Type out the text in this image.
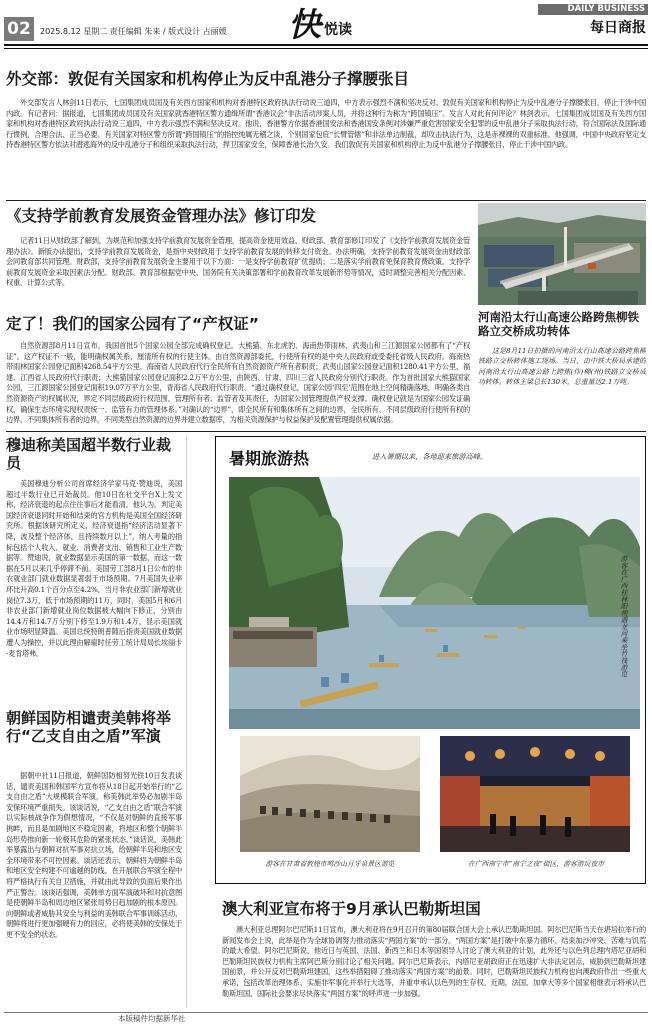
02	2025.8.12 星期二 责任编辑 朱来 / 版式设计 占丽媛 快 悦读
DAILY BUSINESS
每日商报
外交部：敦促有关国家和机构停止为反中乱港分子撑腰张目

外交部发言人林剑11日表示，七国集团成员国及有关西方国家和机构对香港特区政府执法行动说三道四，中方表示强烈不满和坚决反对。敦促有关国家和机构停止为反中乱港分子撑腰张目，停止干涉中国内政。有记者问：据报道，七国集团成员国及有关国家就香港特区警方通缉所谓“香港议会”非法活动涉案人员，并将这种行为称为“跨国镇压”。发言人对此有何评论？林剑表示，七国集团成员国及有关西方国家和机构对香港特区政府执法行动说三道四，中方表示强烈不满和坚决反对。他说，香港警方依据香港国安法和香港国安条例对涉嫌严重危害国家安全犯罪的反中乱港分子采取执法行动，符合国际法及国际通行惯例，合理合法、正当必要。有关国家对特区警方所谓“跨国镇压”的指控纯属无稽之谈，个别国家包庇“长臂管辖”和非法单边制裁，却攻击执法行为，这是赤裸裸的双重标准。他强调，中国中央政府坚定支持香港特区警方依法对潜逃海外的反中乱港分子和组织采取执法行动，捍卫国家安全，保障香港长治久安。我们敦促有关国家和机构停止为反中乱港分子撑腰张目，停止干涉中国内政。

《支持学前教育发展资金管理办法》修订印发

记者11日从财政部了解到，为规范和加强支持学前教育发展资金管理，提高资金使用效益，财政部、教育部修订印发了《支持学前教育发展资金管理办法》。新版办法提出，支持学前教育发展资金，是指中央财政用于支持学前教育发展的转移支付资金。办法明确，支持学前教育发展资金由财政部会同教育部共同管理。财政部，支持学前教育发展资金主要用于以下方面：一是支持学前教育扩优提质；二是落实学前教育免保育教育费政策。支持学前教育发展资金采取因素法分配。财政部、教育部根据党中央、国务院有关决策部署和学前教育改革发展新形势等情况，适时调整完善相关分配因素、权重、计算公式等。

定了！我们的国家公园有了“产权证”

自然资源部8月11日宣布，我国首批5个国家公园全部完成确权登记。大熊猫、东北虎豹、海南热带雨林、武夷山和三江源国家公园都有了“产权证”。这产权证不一般，能明确权属关系，厘清所有权的行使主体。由自然资源部委托，行使所有权的是中央人民政府或受委托省级人民政府。海南热带雨林国家公园登记面积4268.54平方公里，海南省人民政府代行全民所有自然资源资产所有者职责；武夷山国家公园登记面积1280.41平方公里，福建、江西省人民政府代行职责；大熊猫国家公园登记面积2.2万平方公里，由陕西、甘肃、四川三省人民政府分别代行职责。作为首批国家大熊猫国家公园，三江源国家公园登记面积19.07万平方公里，青海省人民政府代行职责。“通过确权登记，国家公园‘四至’范围在地上空间精确落地，明确各类自然资源资产的权属状况，界定不同层级政府行权范围，管理所有者、监管者及其责任，为国家公园管理提供产权支撑。确权登记就是为国家公园发证确权，确保生态环境实现权责统一、监管有力的管理体系。”对确认的“边界”，即全民所有和集体所有之间的边界，全民所有、不同层级政府行使所有权的边界，不同集体所有者的边界，不同类型自然资源的边界并建立数据库，为相关资源保护与权益保护及配置管理提供权属依据。

河南沿太行山高速公路跨焦柳铁路立交桥成功转体

这是8月11日拍摄的河南沿太行山高速公路跨焦柳铁路立交桥转体施工现场。当日，由中铁大桥局承建的河南沿太行山高速公路上跨焦(作)柳(州)铁路立交桥成功转体。转体主梁总长130米，总重量达2.1万吨。

穆迪称美国超半数行业裁员

美国穆迪分析公司首席经济学家马克·赞迪说，美国超过半数行业已开始裁员。他10日在社交平台X上发文称，经济衰退的起点往往事后才能看清。他认为，判定美国经济衰退同时开始和结束的官方机构是美国全国经济研究所。根据该研究所定义，经济衰退指“经济活动显著下降，波及整个经济体，且持续数月以上”，纳入考量的指标包括个人收入、就业、消费者支出、销售和工业生产数据等。赞迪说，就业数据显示美国的第一数据，而这一数据在5月以来几乎停滞不前。美国劳工部8月1日公布的非农就业部门就业数据显著弱于市场预期。7月美国失业率环比升高0.1个百分点至4.2%，当月非农业部门新增就业岗位7.3万，低于市场预期的11万，同时，美国5月和6月非农业部门新增就业岗位数据被大幅向下修正，分别由14.4万和14.7万分别下修至1.9万和1.4万，显示美国就业市场明显降温。美国总统特朗普随后指责美国就业数据遭人为操控，并以此理由解雇时任劳工统计局局长埃丽卡·麦肯塔弗。

朝鲜国防相谴责美韩将举行“乙支自由之盾”军演

据朝中社11日报道，朝鲜国防相努光铁10日发表谈话，谴责美国和韩国军方宣布将从18日起开始举行的“乙支自由之盾”大规模联合军演，称美韩此举势必加剧半岛安保环境严重损失。该谈话说，“乙支自由之盾”联合军演以实际核战争作为假想情况，“不仅是对朝鲜的直接军事挑衅，而且是加剧地区不稳定因素，将地区和整个朝鲜半岛形势推向新一轮极其危险的紧张状态。”谈话说，美韩此举暴露出与朝鲜对抗军事对抗立场，给朝鲜半岛和地区安全环境带来不可控因素。谈话还表示，朝鲜将为朝鲜半岛和地区安全构建不可逾越的防线。在开展联合军演全程中将严格执行有关自卫措施，并就由此导致的负面后果作出严正警告。该谈话强调，美韩单方面军演破坏和对抗意图是使朝鲜半岛和周边地区紧张局势日趋加剧的根本原因。向朝鲜或者威胁其安全与利益的美韩联合军事训练活动，朝鲜将进行更加强硬有力的回应，必将使美韩的安保处于更不安全的状态。

暑期旅游热	进入暑期以来，各地迎来旅游高峰。
游客在广西桂林阳朔遇龙河乘坐竹筏游览
游客在甘肃省敦煌市鸣沙山月牙泉景区游览	在广西南宁市“南宁之夜”街区，游客游玩夜市
澳大利亚宣布将于9月承认巴勒斯坦国

澳大利亚总理阿尔巴尼斯11日宣布，澳大利亚将在9月召开的第80届联合国大会上承认巴勒斯坦国。阿尔巴尼斯当天在堪培拉举行的新闻发布会上说，此举是作为全球协调努力推动落实“两国方案”的一部分。“两国方案”是打破中东暴力循环、结束加沙冲突、苦难与饥荒的最大希望。阿尔巴尼斯说，他近日与英国、法国、新西兰和日本等国领导人讨论了澳大利亚的计划，此外还与以色列总理内塔尼亚胡和巴勒斯坦民族权力机构主席阿巴斯分别讨论了相关问题。阿尔巴尼斯表示，内塔尼亚胡政府正在迅速扩大非法定居点，威胁到巴勒斯坦建国前景，并公开反对巴勒斯坦建国，这些举措阻碍了推动落实“两国方案”的前景。同时，巴勒斯坦民族权力机构也向澳政府作出一些重大承诺，包括改革治理体系、实施非军事化并举行大选等，并重申承认以色列的生存权。近期，法国、加拿大等多个国家相继表示将承认巴勒斯坦国，国际社会要求尽快落实“两国方案”的呼声进一步加强。

本版稿件均据新华社
